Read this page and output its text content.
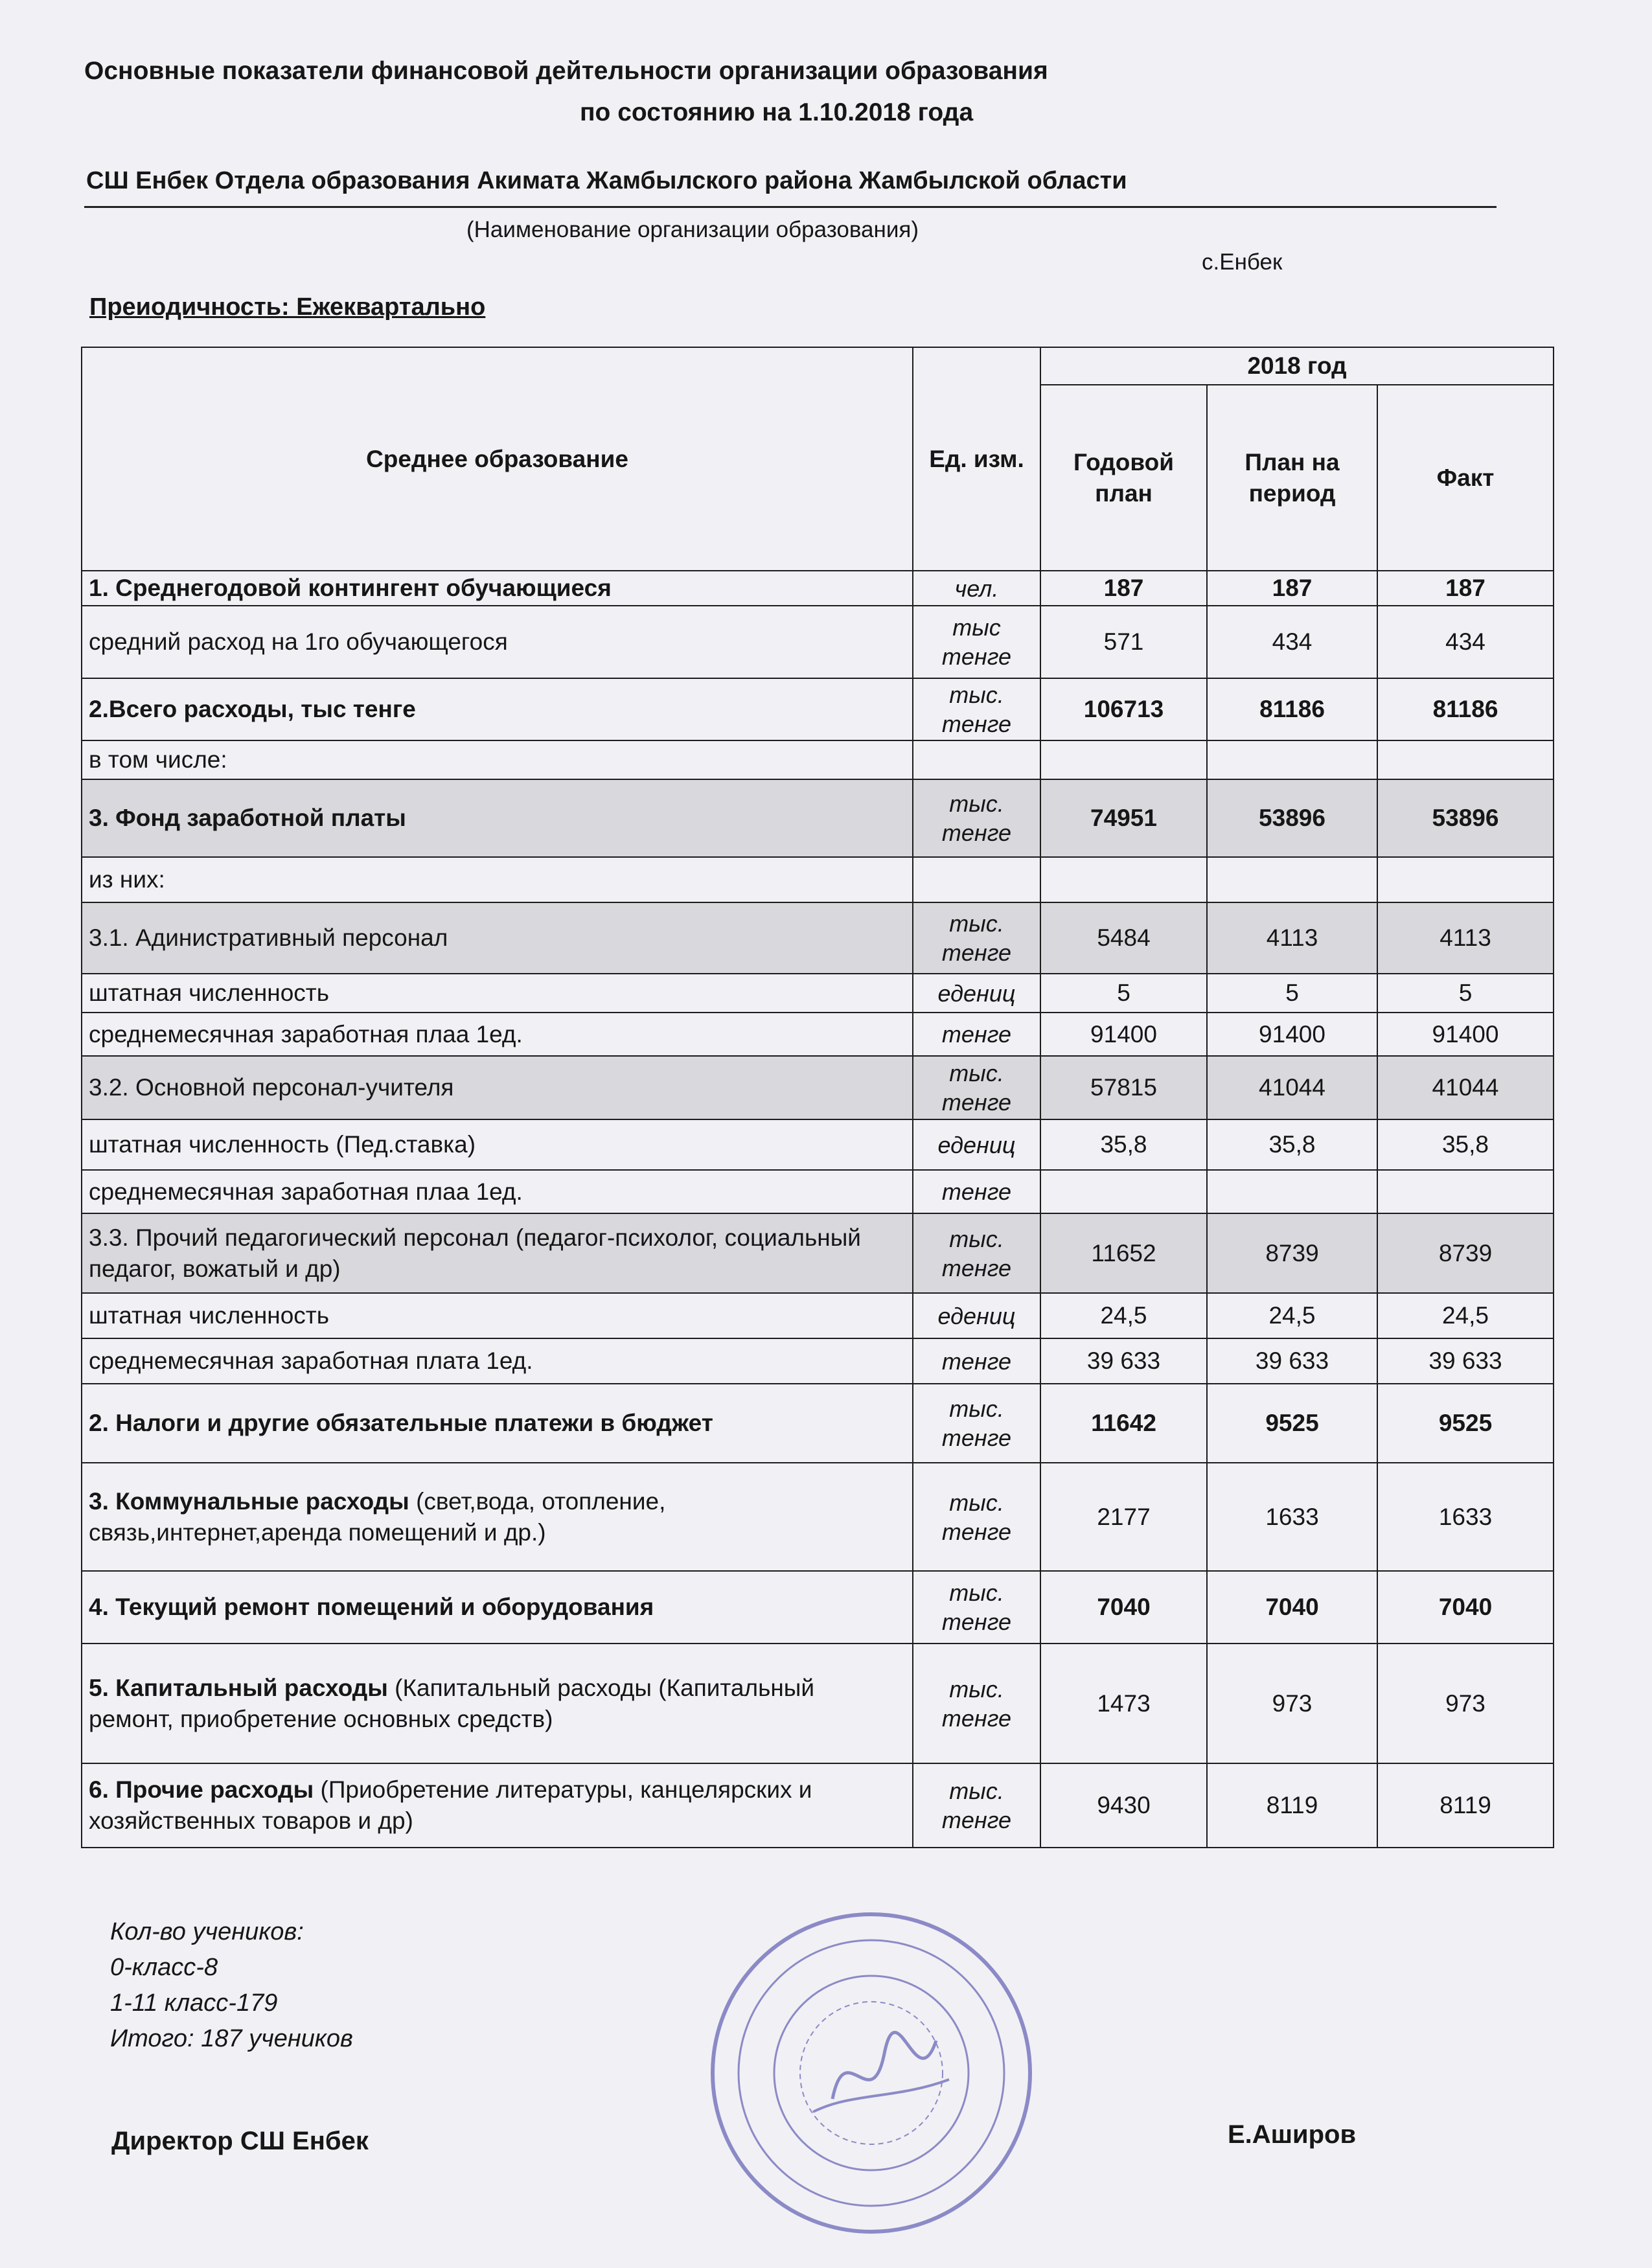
Основные показатели финансовой дейтельности организации образования
по состоянию на 1.10.2018 года
СШ Енбек Отдела образования Акимата Жамбылского района Жамбылской области
(Наименование организации образования)
с.Енбек
Преиодичность: Ежеквартально
Среднее образование	Ед. изм.	2018 год		
		Годовой план	План на период	Факт
1. Среднегодовой контингент обучающиеся	чел.	187	187	187
средний расход на 1го обучающегося	тыс тенге	571	434	434
2.Всего расходы, тыс тенге	тыс. тенге	106713	81186	81186
в том числе:				
3. Фонд заработной платы	тыс. тенге	74951	53896	53896
из них:				
3.1. Адинистративный персонал	тыс. тенге	5484	4113	4113
штатная численность	едениц	5	5	5
среднемесячная заработная плаа 1ед.	тенге	91400	91400	91400
3.2. Основной персонал-учителя	тыс. тенге	57815	41044	41044
штатная численность (Пед.ставка)	едениц	35,8	35,8	35,8
среднемесячная заработная плаа 1ед.	тенге			
3.3. Прочий педагогический персонал (педагог-психолог, социальный педагог, вожатый и др)	тыс. тенге	11652	8739	8739
штатная численность	едениц	24,5	24,5	24,5
среднемесячная заработная плата 1ед.	тенге	39 633	39 633	39 633
2. Налоги и другие обязательные платежи в бюджет	тыс. тенге	11642	9525	9525
3. Коммунальные расходы (свет,вода, отопление, связь,интернет,аренда помещений и др.)	тыс. тенге	2177	1633	1633
4. Текущий ремонт помещений и оборудования	тыс. тенге	7040	7040	7040
5. Капитальный расходы (Капитальный расходы (Капитальный ремонт, приобретение основных средств)	тыс. тенге	1473	973	973
6. Прочие расходы (Приобретение литературы, канцелярских и хозяйственных товаров и др)	тыс. тенге	9430	8119	8119
Кол-во учеников:
0-класс-8
1-11 класс-179
Итого: 187 учеников
Директор СШ Енбек	Е.Аширов
